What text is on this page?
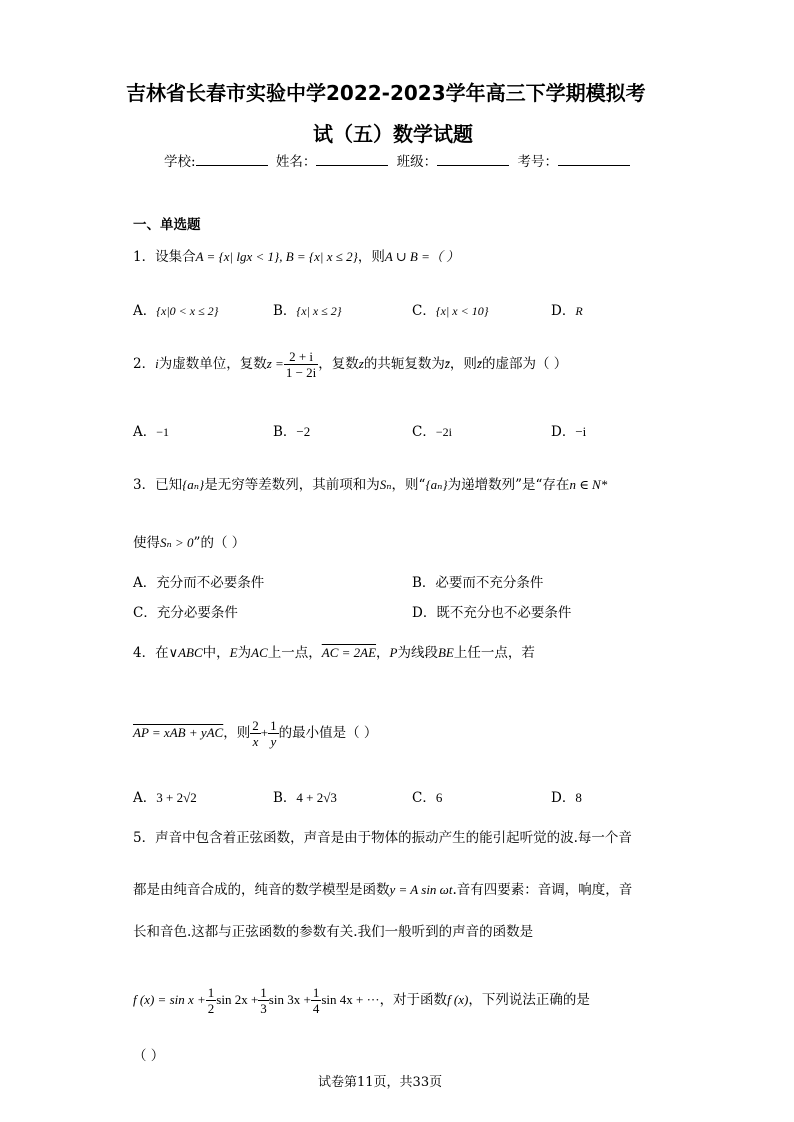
吉林省长春市实验中学2022-2023学年高三下学期模拟考
试（五）数学试题
学校:	姓名：	班级：	考号：
一、单选题
1．设集合A = {x| lgx < 1}, B = {x| x ≤ 2}，则A ∪ B =（ ）
A．{x|0 < x ≤ 2}	B．{x| x ≤ 2}	C．{x| x < 10}	D．R
2．i为虚数单位，复数$z = \frac{2 + i}{1 - 2i}$ ，复数z的共轭复数为z̄，则z̄的虚部为（ ）
A．−1	B．−2	C．−2i	D．−i
3．已知{aₙ}是无穷等差数列，其前项和为Sₙ，则“{aₙ}为递增数列”是“存在n ∈ N*
使得Sₙ > 0”的（ ）
A．充分而不必要条件	B．必要而不充分条件
C．充分必要条件	D．既不充分也不必要条件
4．在∨ABC中，E为AC上一点，AC = 2AE，P为线段BE上任一点，若
AP = xAB + yAC，则 $\frac{2}{x} + \frac{1}{y}$ 的最小值是（ ）
A．3 + 2√2	B．4 + 2√3	C．6	D．8
5．声音中包含着正弦函数，声音是由于物体的振动产生的能引起听觉的波.每一个音
都是由纯音合成的，纯音的数学模型是函数y = A sin ωt.音有四要素：音调，响度，音
长和音色.这都与正弦函数的参数有关.我们一般听到的声音的函数是
f $(x) = \sin x + \frac{1}{2}$ $\sin 2x + \frac{1}{3}$ $\sin 3x + \frac{1}{4}$ sin 4x + ···，对于函数f (x)，下列说法正确的是
（ ）
试卷第11页，共33页
